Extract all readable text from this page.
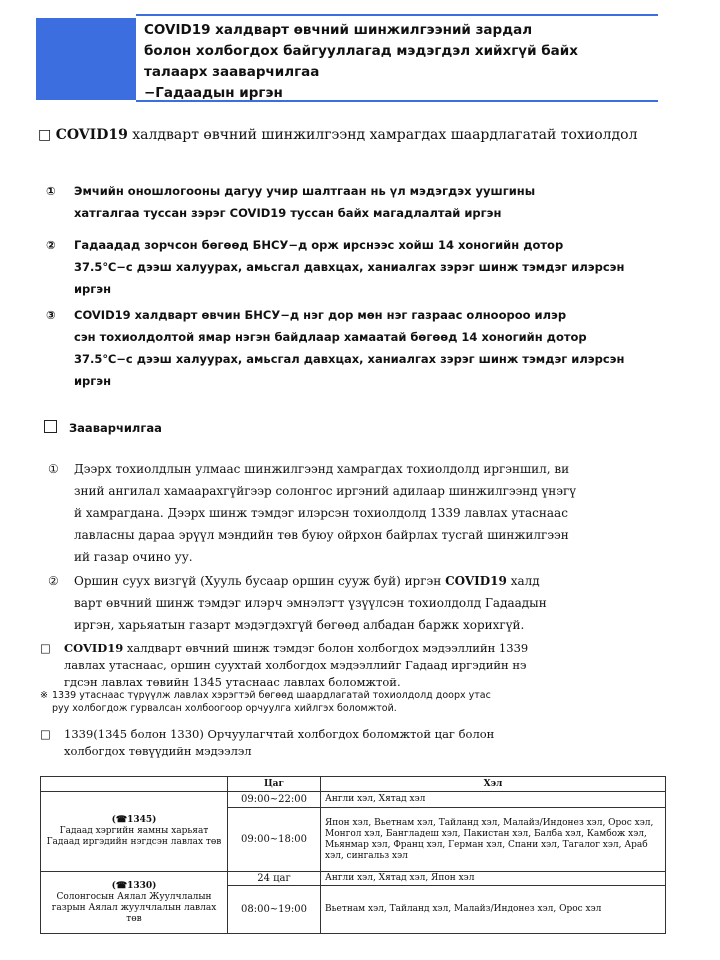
COVID19 халдварт өвчний шинжилгээний зардал
болон холбогдох байгууллагад мэдэгдэл хийхгүй байх
талаарх зааварчилгаа
−Гадаадын иргэн
□ COVID19 халдварт өвчний шинжилгээнд хамрагдах шаардлагатай тохиолдол
①	Эмчийн оношлогооны дагуу учир шалтгаан нь үл мэдэгдэх уушгины
хатгалгаа туссан зэрэг COVID19 туссан байх магадлалтай иргэн
②	Гадаадад зорчсон бөгөөд БНСУ−д орж ирснээс хойш 14 хоногийн дотор
37.5℃−с дээш халуурах, амьсгал давхцах, ханиалгах зэрэг шинж тэмдэг илэрсэн
иргэн
③	COVID19 халдварт өвчин БНСУ−д нэг дор мөн нэг газраас олноороо илэр
сэн тохиолдолтой ямар нэгэн байдлаар хамаатай бөгөөд 14 хоногийн дотор
37.5℃−с дээш халуурах, амьсгал давхцах, ханиалгах зэрэг шинж тэмдэг илэрсэн
иргэн
Зааварчилгаа
① Дээрх тохиолдлын улмаас шинжилгээнд хамрагдах тохиолдолд иргэншил, ви
зний ангилал хамаарахгүйгээр солонгос иргэний адилаар шинжилгээнд үнэгү
й хамрагдана. Дээрх шинж тэмдэг илэрсэн тохиолдолд 1339 лавлах утаснаас
лавласны дараа эрүүл мэндийн төв буюу ойрхон байрлах тусгай шинжилгээн
ий газар очино уу.
② Оршин суух визгүй (Хууль бусаар оршин сууж буй) иргэн COVID19 халд
варт өвчний шинж тэмдэг илэрч эмнэлэгт үзүүлсэн тохиолдолд Гадаадын
иргэн, харьяатын газарт мэдэгдэхгүй бөгөөд албадан баржк хорихгүй.
□ COVID19 халдварт өвчний шинж тэмдэг болон холбогдох мэдээллийн 1339
лавлах утаснаас, оршин суухтай холбогдох мэдээллийг Гадаад иргэдийн нэ
гдсэн лавлах төвийн 1345 утаснаас лавлах боломжтой.
※ 1339 утаснаас түрүүлж лавлах хэрэгтэй бөгөөд шаардлагатай тохиолдолд доорх утас
руу холбогдож гурвалсан холбоогоор орчуулга хийлгэх боломжтой.
□ 1339(1345 болон 1330) Орчуулагчтай холбогдох боломжтой цаг болон
холбогдох төвүүдийн мэдээлэл
	Цаг	Хэл

(☎1345)
Гадаад хэргийн яамны харьяат Гадаад иргэдийн нэгдсэн лавлах төв	09:00~22:00	Англи хэл, Хятад хэл
	09:00~18:00	Япон хэл, Вьетнам хэл, Тайланд хэл, Малайз/Индонез хэл, Орос хэл, Монгол хэл, Бангладеш хэл, Пакистан хэл, Балба хэл, Камбож хэл, Мьянмар хэл, Франц хэл, Герман хэл, Спани хэл, Тагалог хэл, Араб хэл, сингальз хэл

(☎1330)
Солонгосын Аялал Жуулчлалын газрын Аялал жуулчлалын лавлах төв	24 цаг	Англи хэл, Хятад хэл, Япон хэл
	08:00~19:00	Вьетнам хэл, Тайланд хэл, Малайз/Индонез хэл, Орос хэл
